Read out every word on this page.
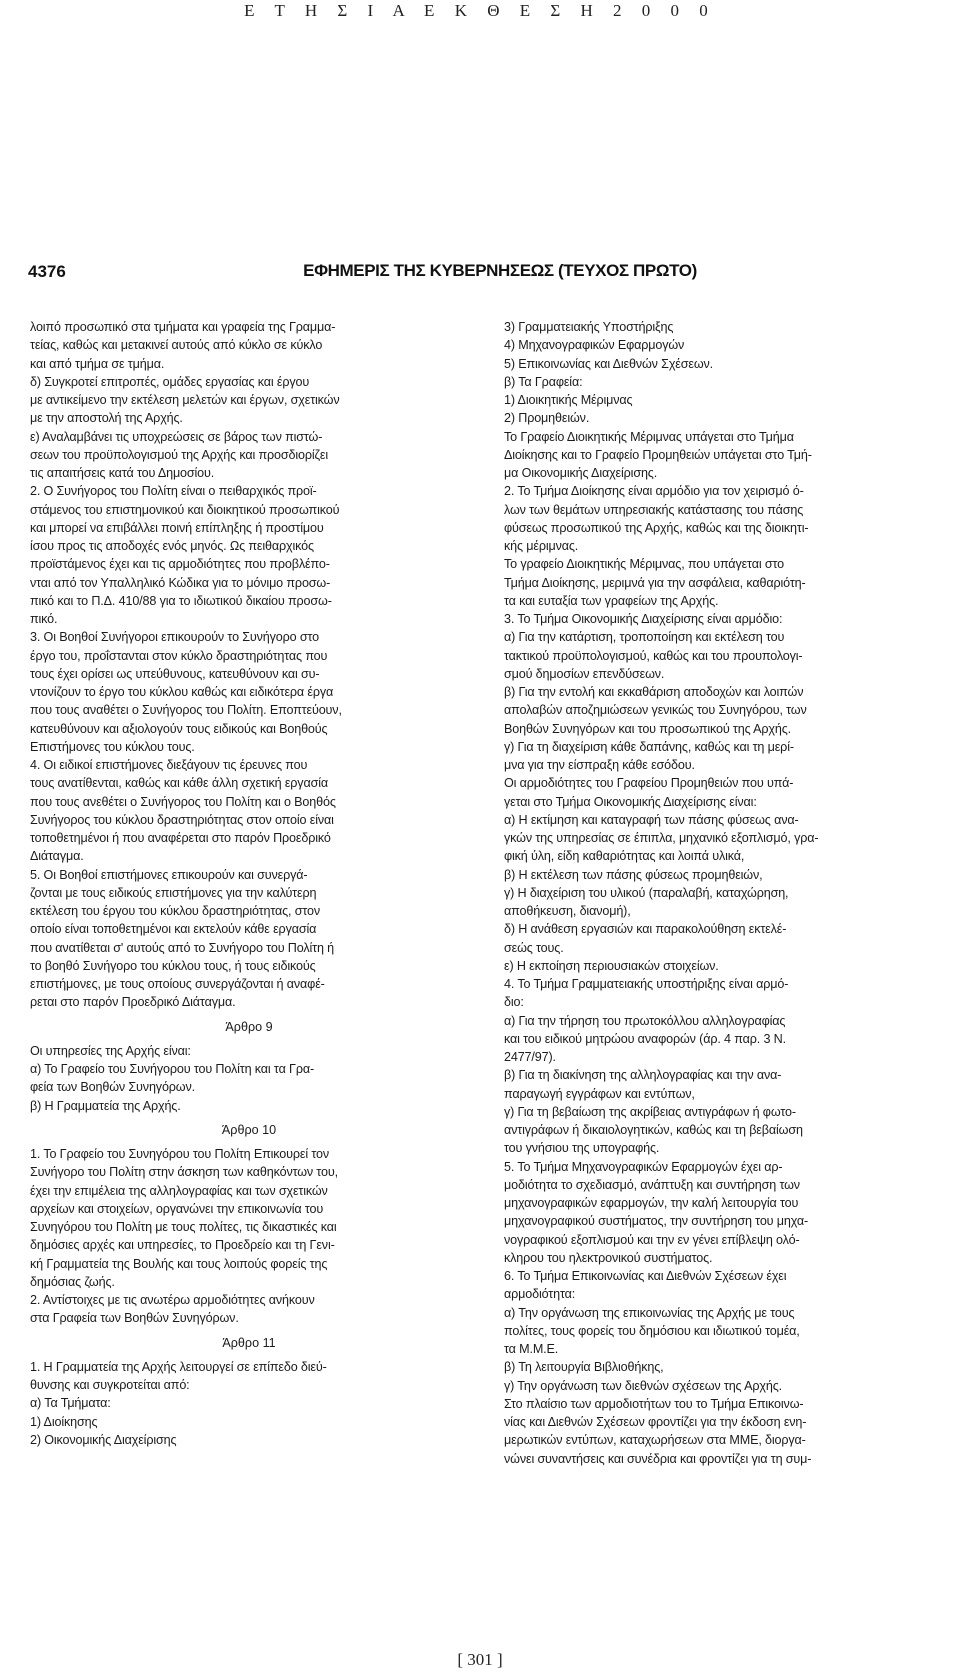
Ε Τ Η Σ Ι Α Ε Κ Θ Ε Σ Η 2 0 0 0
4376	ΕΦΗΜΕΡΙΣ ΤΗΣ ΚΥΒΕΡΝΗΣΕΩΣ (ΤΕΥΧΟΣ ΠΡΩΤΟ)
λοιπό προσωπικό στα τμήματα και γραφεία της Γραμμα-
τείας, καθώς και μετακινεί αυτούς από κύκλο σε κύκλο
και από τμήμα σε τμήμα.
δ) Συγκροτεί επιτροπές, ομάδες εργασίας και έργου
με αντικείμενο την εκτέλεση μελετών και έργων, σχετικών
με την αποστολή της Αρχής.
ε) Αναλαμβάνει τις υποχρεώσεις σε βάρος των πιστώ-
σεων του προϋπολογισμού της Αρχής και προσδιορίζει
τις απαιτήσεις κατά του Δημοσίου.
2. Ο Συνήγορος του Πολίτη είναι ο πειθαρχικός προϊ-
στάμενος του επιστημονικού και διοικητικού προσωπικού
και μπορεί να επιβάλλει ποινή επίπληξης ή προστίμου
ίσου προς τις αποδοχές ενός μηνός. Ως πειθαρχικός
προϊστάμενος έχει και τις αρμοδιότητες που προβλέπο-
νται από τον Υπαλληλικό Κώδικα για το μόνιμο προσω-
πικό και το Π.Δ. 410/88 για το ιδιωτικού δικαίου προσω-
πικό.
3. Οι Βοηθοί Συνήγοροι επικουρούν το Συνήγορο στο
έργο του, προΐστανται στον κύκλο δραστηριότητας που
τους έχει ορίσει ως υπεύθυνους, κατευθύνουν και συ-
ντονίζουν το έργο του κύκλου καθώς και ειδικότερα έργα
που τους αναθέτει ο Συνήγορος του Πολίτη. Εποπτεύουν,
κατευθύνουν και αξιολογούν τους ειδικούς και Βοηθούς
Επιστήμονες του κύκλου τους.
4. Οι ειδικοί επιστήμονες διεξάγουν τις έρευνες που
τους ανατίθενται, καθώς και κάθε άλλη σχετική εργασία
που τους ανεθέτει ο Συνήγορος του Πολίτη και ο Βοηθός
Συνήγορος του κύκλου δραστηριότητας στον οποίο είναι
τοποθετημένοι ή που αναφέρεται στο παρόν Προεδρικό
Διάταγμα.
5. Οι Βοηθοί επιστήμονες επικουρούν και συνεργά-
ζονται με τους ειδικούς επιστήμονες για την καλύτερη
εκτέλεση του έργου του κύκλου δραστηριότητας, στον
οποίο είναι τοποθετημένοι και εκτελούν κάθε εργασία
που ανατίθεται σ' αυτούς από το Συνήγορο του Πολίτη ή
το βοηθό Συνήγορο του κύκλου τους, ή τους ειδικούς
επιστήμονες, με τους οποίους συνεργάζονται ή αναφέ-
ρεται στο παρόν Προεδρικό Διάταγμα.
Άρθρο 9
Οι υπηρεσίες της Αρχής είναι:
α) Το Γραφείο του Συνήγορου του Πολίτη και τα Γρα-
φεία των Βοηθών Συνηγόρων.
β) Η Γραμματεία της Αρχής.
Άρθρο 10
1. Το Γραφείο του Συνηγόρου του Πολίτη Επικουρεί τον
Συνήγορο του Πολίτη στην άσκηση των καθηκόντων του,
έχει την επιμέλεια της αλληλογραφίας και των σχετικών
αρχείων και στοιχείων, οργανώνει την επικοινωνία του
Συνηγόρου του Πολίτη με τους πολίτες, τις δικαστικές και
δημόσιες αρχές και υπηρεσίες, το Προεδρείο και τη Γενι-
κή Γραμματεία της Βουλής και τους λοιπούς φορείς της
δημόσιας ζωής.
2. Αντίστοιχες με τις ανωτέρω αρμοδιότητες ανήκουν
στα Γραφεία των Βοηθών Συνηγόρων.
Άρθρο 11
1. Η Γραμματεία της Αρχής λειτουργεί σε επίπεδο διεύ-
θυνσης και συγκροτείται από:
α) Τα Τμήματα:
1) Διοίκησης
2) Οικονομικής Διαχείρισης
3) Γραμματειακής Υποστήριξης
4) Μηχανογραφικών Εφαρμογών
5) Επικοινωνίας και Διεθνών Σχέσεων.
β) Τα Γραφεία:
1) Διοικητικής Μέριμνας
2) Προμηθειών.
Το Γραφείο Διοικητικής Μέριμνας υπάγεται στο Τμήμα
Διοίκησης και το Γραφείο Προμηθειών υπάγεται στο Τμή-
μα Οικονομικής Διαχείρισης.
2. Το Τμήμα Διοίκησης είναι αρμόδιο για τον χειρισμό ό-
λων των θεμάτων υπηρεσιακής κατάστασης του πάσης
φύσεως προσωπικού της Αρχής, καθώς και της διοικητι-
κής μέριμνας.
Το γραφείο Διοικητικής Μέριμνας, που υπάγεται στο
Τμήμα Διοίκησης, μεριμνά για την ασφάλεια, καθαριότη-
τα και ευταξία των γραφείων της Αρχής.
3. Το Τμήμα Οικονομικής Διαχείρισης είναι αρμόδιο:
α) Για την κατάρτιση, τροποποίηση και εκτέλεση του
τακτικού προϋπολογισμού, καθώς και του προυπολογι-
σμού δημοσίων επενδύσεων.
β) Για την εντολή και εκκαθάριση αποδοχών και λοιπών
απολαβών αποζημιώσεων γενικώς του Συνηγόρου, των
Βοηθών Συνηγόρων και του προσωπικού της Αρχής.
γ) Για τη διαχείριση κάθε δαπάνης, καθώς και τη μερί-
μνα για την είσπραξη κάθε εσόδου.
Οι αρμοδιότητες του Γραφείου Προμηθειών που υπά-
γεται στο Τμήμα Οικονομικής Διαχείρισης είναι:
α) Η εκτίμηση και καταγραφή των πάσης φύσεως ανα-
γκών της υπηρεσίας σε έπιπλα, μηχανικό εξοπλισμό, γρα-
φική ύλη, είδη καθαριότητας και λοιπά υλικά,
β) Η εκτέλεση των πάσης φύσεως προμηθειών,
γ) Η διαχείριση του υλικού (παραλαβή, καταχώρηση,
αποθήκευση, διανομή),
δ) Η ανάθεση εργασιών και παρακολούθηση εκτελέ-
σεώς τους.
ε) Η εκποίηση περιουσιακών στοιχείων.
4. Το Τμήμα Γραμματειακής υποστήριξης είναι αρμό-
διο:
α) Για την τήρηση του πρωτοκόλλου αλληλογραφίας
και του ειδικού μητρώου αναφορών (άρ. 4 παρ. 3 Ν.
2477/97).
β) Για τη διακίνηση της αλληλογραφίας και την ανα-
παραγωγή εγγράφων και εντύπων,
γ) Για τη βεβαίωση της ακρίβειας αντιγράφων ή φωτο-
αντιγράφων ή δικαιολογητικών, καθώς και τη βεβαίωση
του γνήσιου της υπογραφής.
5. Το Τμήμα Μηχανογραφικών Εφαρμογών έχει αρ-
μοδιότητα το σχεδιασμό, ανάπτυξη και συντήρηση των
μηχανογραφικών εφαρμογών, την καλή λειτουργία του
μηχανογραφικού συστήματος, την συντήρηση του μηχα-
νογραφικού εξοπλισμού και την εν γένει επίβλεψη ολό-
κληρου του ηλεκτρονικού συστήματος.
6. Το Τμήμα Επικοινωνίας και Διεθνών Σχέσεων έχει
αρμοδιότητα:
α) Την οργάνωση της επικοινωνίας της Αρχής με τους
πολίτες, τους φορείς του δημόσιου και ιδιωτικού τομέα,
τα Μ.Μ.Ε.
β) Τη λειτουργία Βιβλιοθήκης,
γ) Την οργάνωση των διεθνών σχέσεων της Αρχής.
Στο πλαίσιο των αρμοδιοτήτων του το Τμήμα Επικοινω-
νίας και Διεθνών Σχέσεων φροντίζει για την έκδοση ενη-
μερωτικών εντύπων, καταχωρήσεων στα ΜΜΕ, διοργα-
νώνει συναντήσεις και συνέδρια και φροντίζει για τη συμ-
[ 301 ]
